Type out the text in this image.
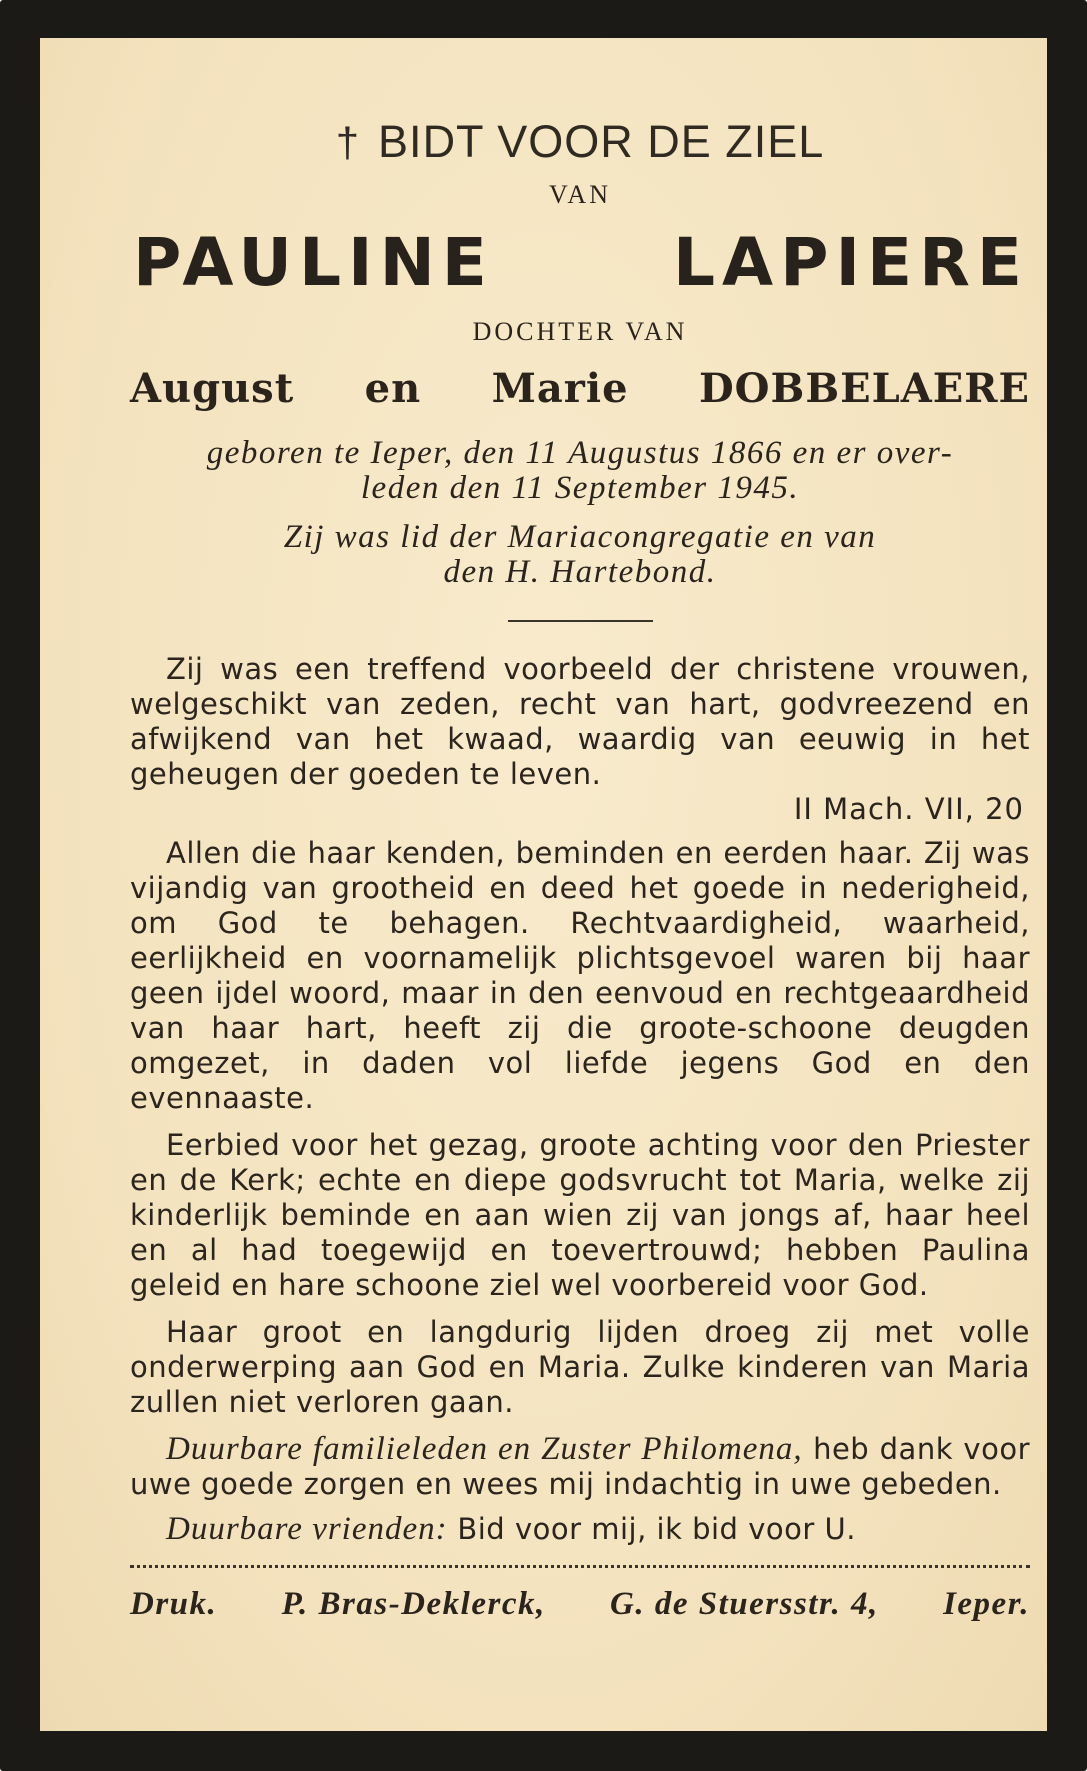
† BIDT VOOR DE ZIEL
VAN
PAULINE	LAPIERE
DOCHTER VAN
August en Marie DOBBELAERE
geboren te Ieper, den 11 Augustus 1866 en er over-
leden den 11 September 1945.
Zij was lid der Mariacongregatie en van
den H. Hartebond.
Zij was een treffend voorbeeld der christene vrouwen, welgeschikt van zeden, recht van hart, godvreezend en afwijkend van het kwaad, waardig van eeuwig in het geheugen der goeden te leven.
II Mach. VII, 20
Allen die haar kenden, beminden en eerden haar. Zij was vijandig van grootheid en deed het goede in nederigheid, om God te behagen. Rechtvaardigheid, waarheid, eerlijkheid en voornamelijk plichtsgevoel waren bij haar geen ijdel woord, maar in den eenvoud en rechtgeaardheid van haar hart, heeft zij die groote-schoone deugden omgezet, in daden vol liefde jegens God en den evennaaste.
Eerbied voor het gezag, groote achting voor den Priester en de Kerk; echte en diepe godsvrucht tot Maria, welke zij kinderlijk beminde en aan wien zij van jongs af, haar heel en al had toegewijd en toevertrouwd; hebben Paulina geleid en hare schoone ziel wel voorbereid voor God.
Haar groot en langdurig lijden droeg zij met volle onderwerping aan God en Maria. Zulke kinderen van Maria zullen niet verloren gaan.
Duurbare familieleden en Zuster Philomena, heb dank voor uwe goede zorgen en wees mij indachtig in uwe gebeden.
Duurbare vrienden: Bid voor mij, ik bid voor U.
Druk. P. Bras-Deklerck, G. de Stuersstr. 4, Ieper.
